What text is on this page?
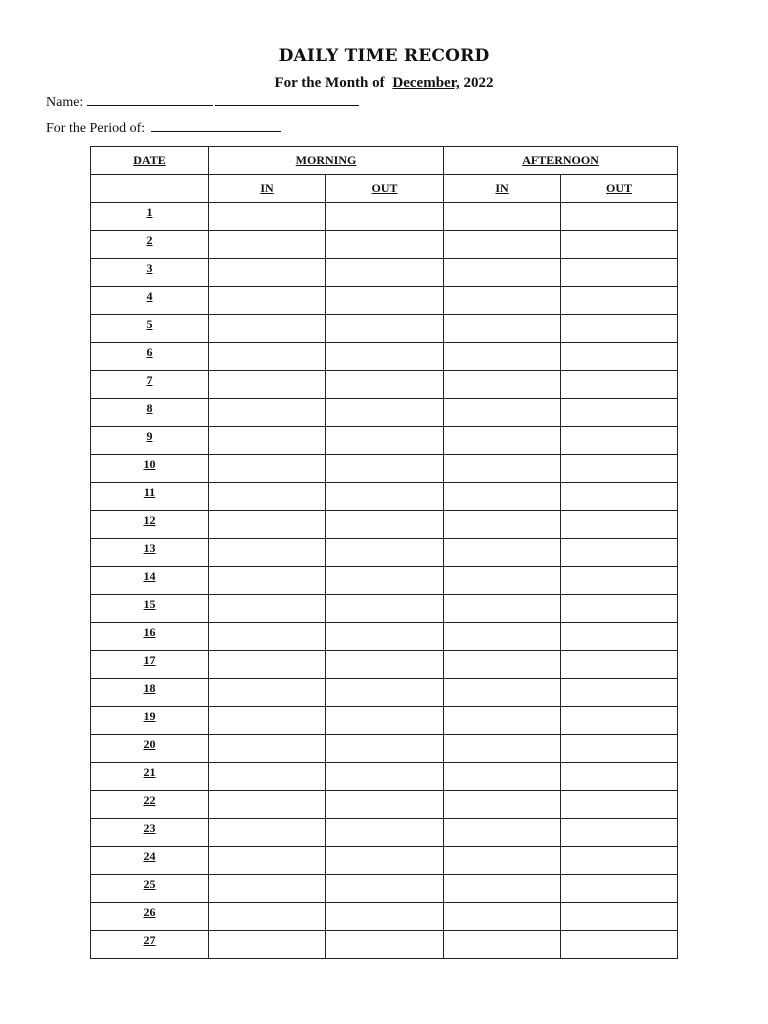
DAILY TIME RECORD
For the Month of December, 2022
Name:
For the Period of:
DATE	MORNING		AFTERNOON	
	IN	OUT	IN	OUT
1				
2				
3				
4				
5				
6				
7				
8				
9				
10				
11				
12				
13				
14				
15				
16				
17				
18				
19				
20				
21				
22				
23				
24				
25				
26				
27				
